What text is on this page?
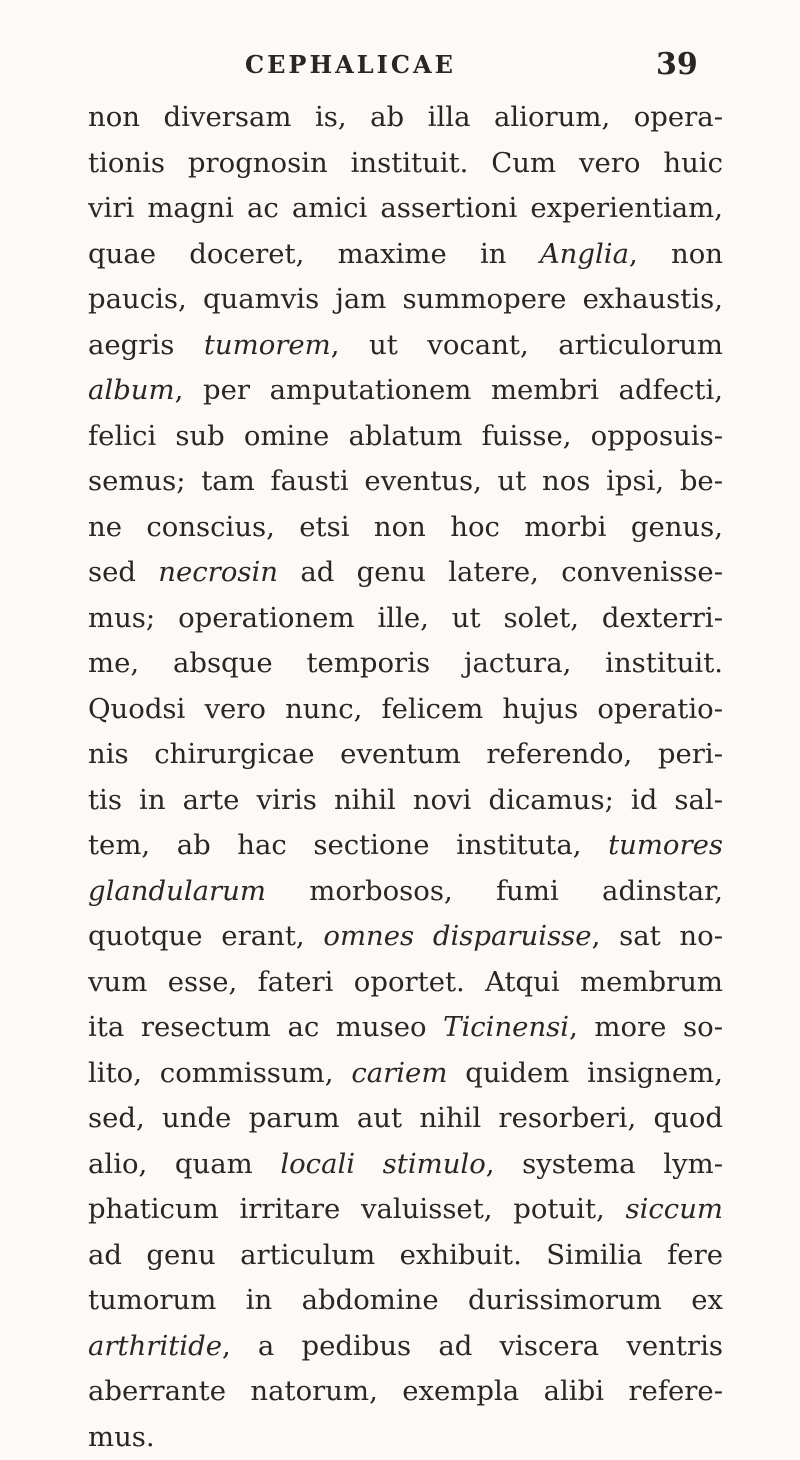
CEPHALICAE	39
non diversam is, ab illa aliorum, opera-
tionis prognosin instituit. Cum vero huic
viri magni ac amici assertioni experientiam,
quae doceret, maxime in Anglia, non
paucis, quamvis jam summopere exhaustis,
aegris tumorem, ut vocant, articulorum
album, per amputationem membri adfecti,
felici sub omine ablatum fuisse, opposuis-
semus; tam fausti eventus, ut nos ipsi, be-
ne conscius, etsi non hoc morbi genus,
sed necrosin ad genu latere, convenisse-
mus; operationem ille, ut solet, dexterri-
me, absque temporis jactura, instituit.
Quodsi vero nunc, felicem hujus operatio-
nis chirurgicae eventum referendo, peri-
tis in arte viris nihil novi dicamus; id sal-
tem, ab hac sectione instituta, tumores
glandularum morbosos, fumi adinstar,
quotque erant, omnes disparuisse, sat no-
vum esse, fateri oportet. Atqui membrum
ita resectum ac museo Ticinensi, more so-
lito, commissum, cariem quidem insignem,
sed, unde parum aut nihil resorberi, quod
alio, quam locali stimulo, systema lym-
phaticum irritare valuisset, potuit, siccum
ad genu articulum exhibuit. Similia fere
tumorum in abdomine durissimorum ex
arthritide, a pedibus ad viscera ventris
aberrante natorum, exempla alibi refere-
mus.
